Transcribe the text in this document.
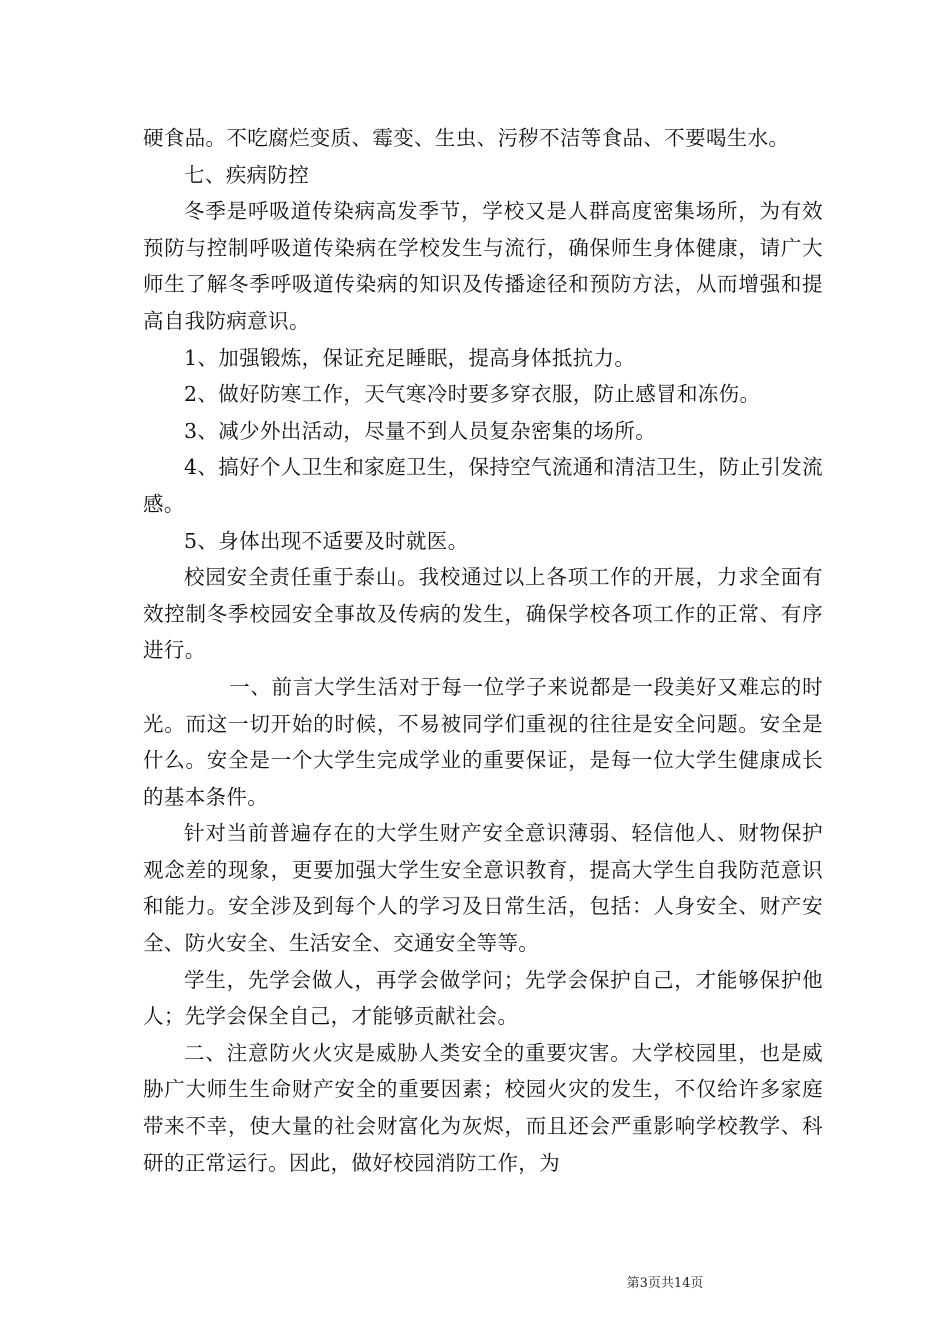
硬食品。不吃腐烂变质、霉变、生虫、污秽不洁等食品、不要喝生水。

七、疾病防控

冬季是呼吸道传染病高发季节，学校又是人群高度密集场所，为有效预防与控制呼吸道传染病在学校发生与流行，确保师生身体健康，请广大师生了解冬季呼吸道传染病的知识及传播途径和预防方法，从而增强和提高自我防病意识。

1、加强锻炼，保证充足睡眠，提高身体抵抗力。

2、做好防寒工作，天气寒冷时要多穿衣服，防止感冒和冻伤。

3、减少外出活动，尽量不到人员复杂密集的场所。

4、搞好个人卫生和家庭卫生，保持空气流通和清洁卫生，防止引发流感。

5、身体出现不适要及时就医。

校园安全责任重于泰山。我校通过以上各项工作的开展，力求全面有效控制冬季校园安全事故及传病的发生，确保学校各项工作的正常、有序进行。

一、前言大学生活对于每一位学子来说都是一段美好又难忘的时光。而这一切开始的时候，不易被同学们重视的往往是安全问题。安全是什么。安全是一个大学生完成学业的重要保证，是每一位大学生健康成长的基本条件。

针对当前普遍存在的大学生财产安全意识薄弱、轻信他人、财物保护观念差的现象，更要加强大学生安全意识教育，提高大学生自我防范意识和能力。安全涉及到每个人的学习及日常生活，包括：人身安全、财产安全、防火安全、生活安全、交通安全等等。

学生，先学会做人，再学会做学问；先学会保护自己，才能够保护他人；先学会保全自己，才能够贡献社会。

二、注意防火火灾是威胁人类安全的重要灾害。大学校园里，也是威胁广大师生生命财产安全的重要因素；校园火灾的发生，不仅给许多家庭带来不幸，使大量的社会财富化为灰烬，而且还会严重影响学校教学、科研的正常运行。因此，做好校园消防工作，为

第3页共14页
